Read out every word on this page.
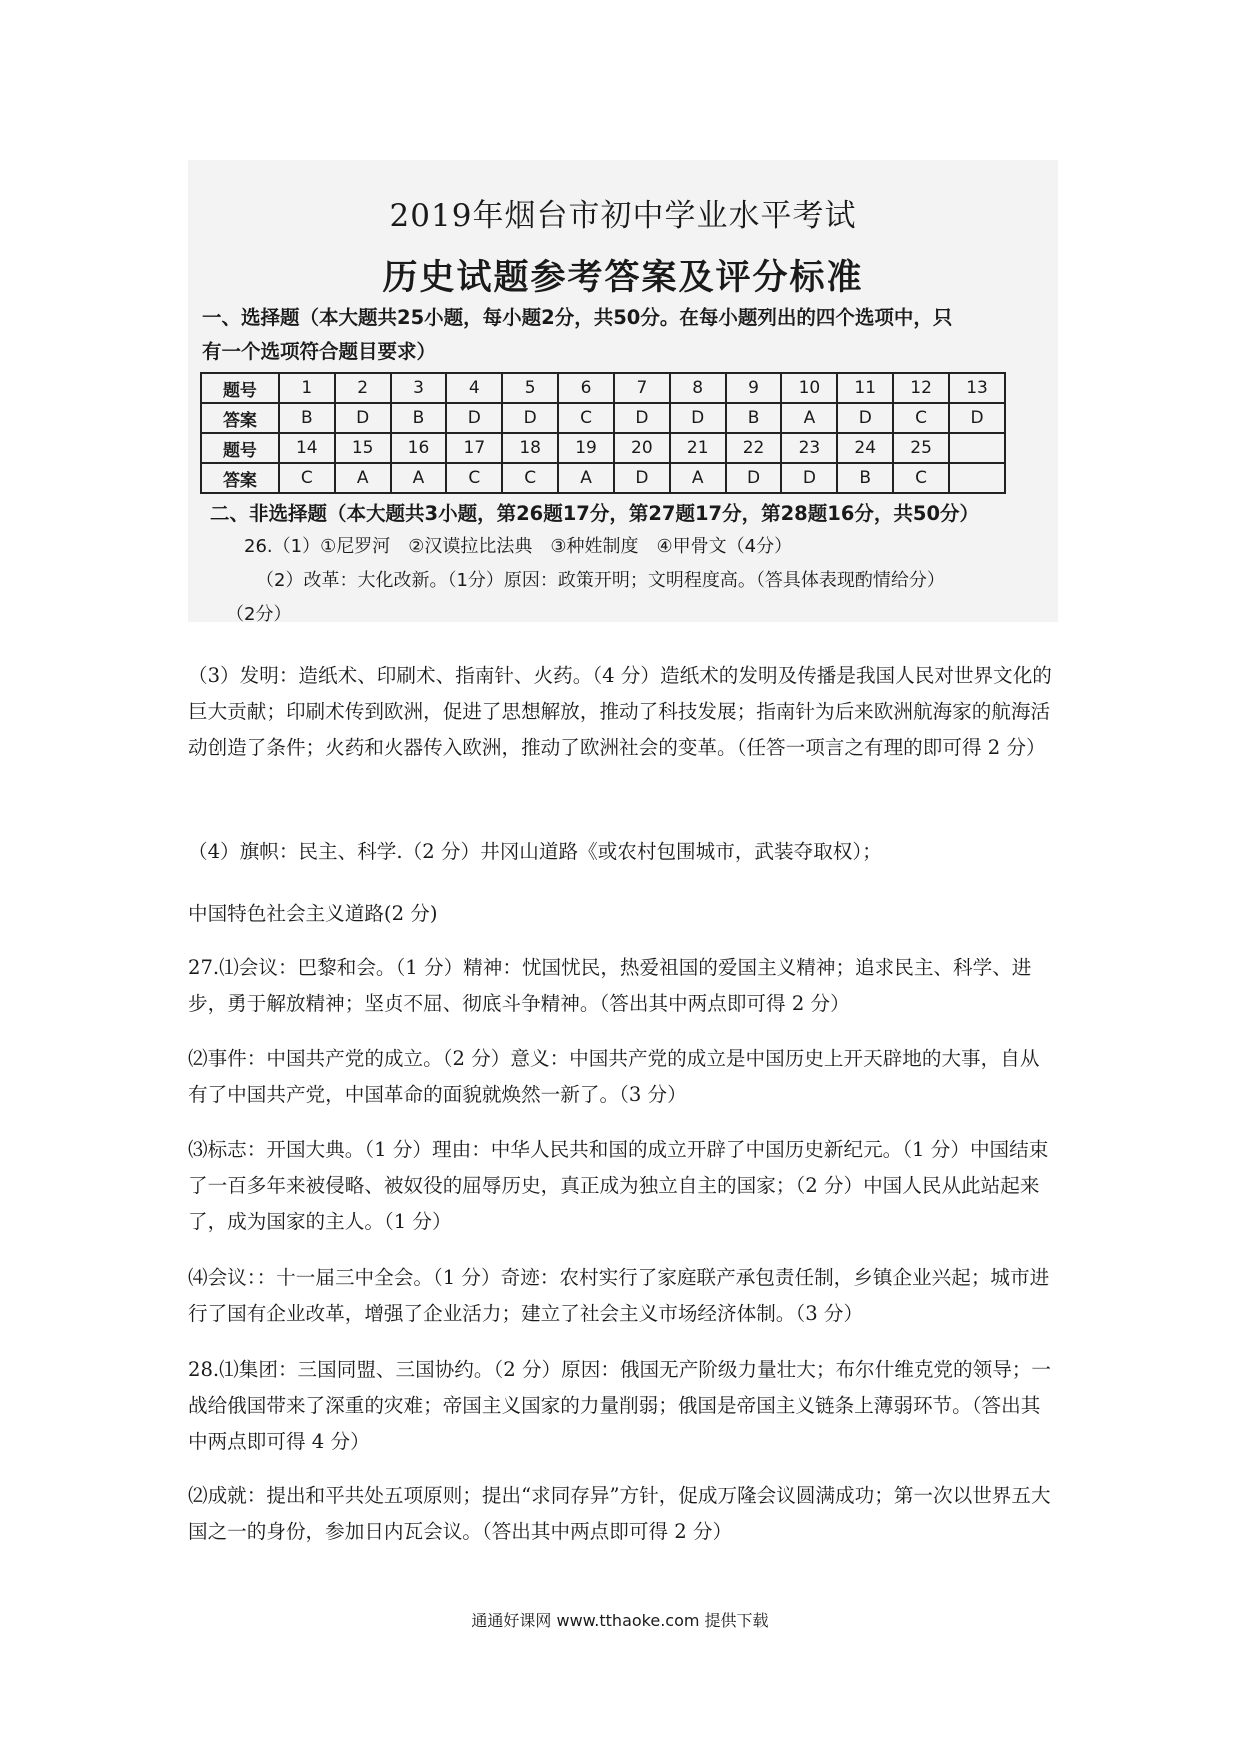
2019年烟台市初中学业水平考试
历史试题参考答案及评分标准
一、选择题（本大题共25小题，每小题2分，共50分。在每小题列出的四个选项中，只
有一个选项符合题目要求）
题号	1	2	3	4	5	6	7	8	9	10	11	12	13
答案	B	D	B	D	D	C	D	D	B	A	D	C	D
题号	14	15	16	17	18	19	20	21	22	23	24	25	
答案	C	A	A	C	C	A	D	A	D	D	B	C	
二、非选择题（本大题共3小题，第26题17分，第27题17分，第28题16分，共50分）
26.（1）①尼罗河　②汉谟拉比法典　③种姓制度　④甲骨文（4分）
（2）改革：大化改新。（1分）原因：政策开明；文明程度高。（答具体表现酌情给分）
（2分）
（3）发明：造纸术、印刷术、指南针、火药。（4 分）造纸术的发明及传播是我国人民对世界文化的巨大贡献；印刷术传到欧洲，促进了思想解放，推动了科技发展；指南针为后来欧洲航海家的航海活动创造了条件；火药和火器传入欧洲，推动了欧洲社会的变革。（任答一项言之有理的即可得 2 分）
（4）旗帜：民主、科学.（2 分）井冈山道路《或农村包围城市，武装夺取权）；
中国特色社会主义道路(2 分)
27.⑴会议：巴黎和会。（1 分）精神：忧国忧民，热爱祖国的爱国主义精神；追求民主、科学、进步，勇于解放精神；坚贞不屈、彻底斗争精神。（答出其中两点即可得 2 分）
⑵事件：中国共产党的成立。（2 分）意义：中国共产党的成立是中国历史上开天辟地的大事，自从有了中国共产党，中国革命的面貌就焕然一新了。（3 分）
⑶标志：开国大典。（1 分）理由：中华人民共和国的成立开辟了中国历史新纪元。（1 分）中国结束了一百多年来被侵略、被奴役的屈辱历史，真正成为独立自主的国家；（2 分）中国人民从此站起来了，成为国家的主人。（1 分）
⑷会议：：十一届三中全会。（1 分）奇迹：农村实行了家庭联产承包责任制，乡镇企业兴起；城市进行了国有企业改革，增强了企业活力；建立了社会主义市场经济体制。（3 分）
28.⑴集团：三国同盟、三国协约。（2 分）原因：俄国无产阶级力量壮大；布尔什维克党的领导；一战给俄国带来了深重的灾难；帝国主义国家的力量削弱；俄国是帝国主义链条上薄弱环节。（答出其中两点即可得 4 分）
⑵成就：提出和平共处五项原则；提出“求同存异”方针，促成万隆会议圆满成功；第一次以世界五大国之一的身份，参加日内瓦会议。（答出其中两点即可得 2 分）
通通好课网 www.tthaoke.com 提供下载
